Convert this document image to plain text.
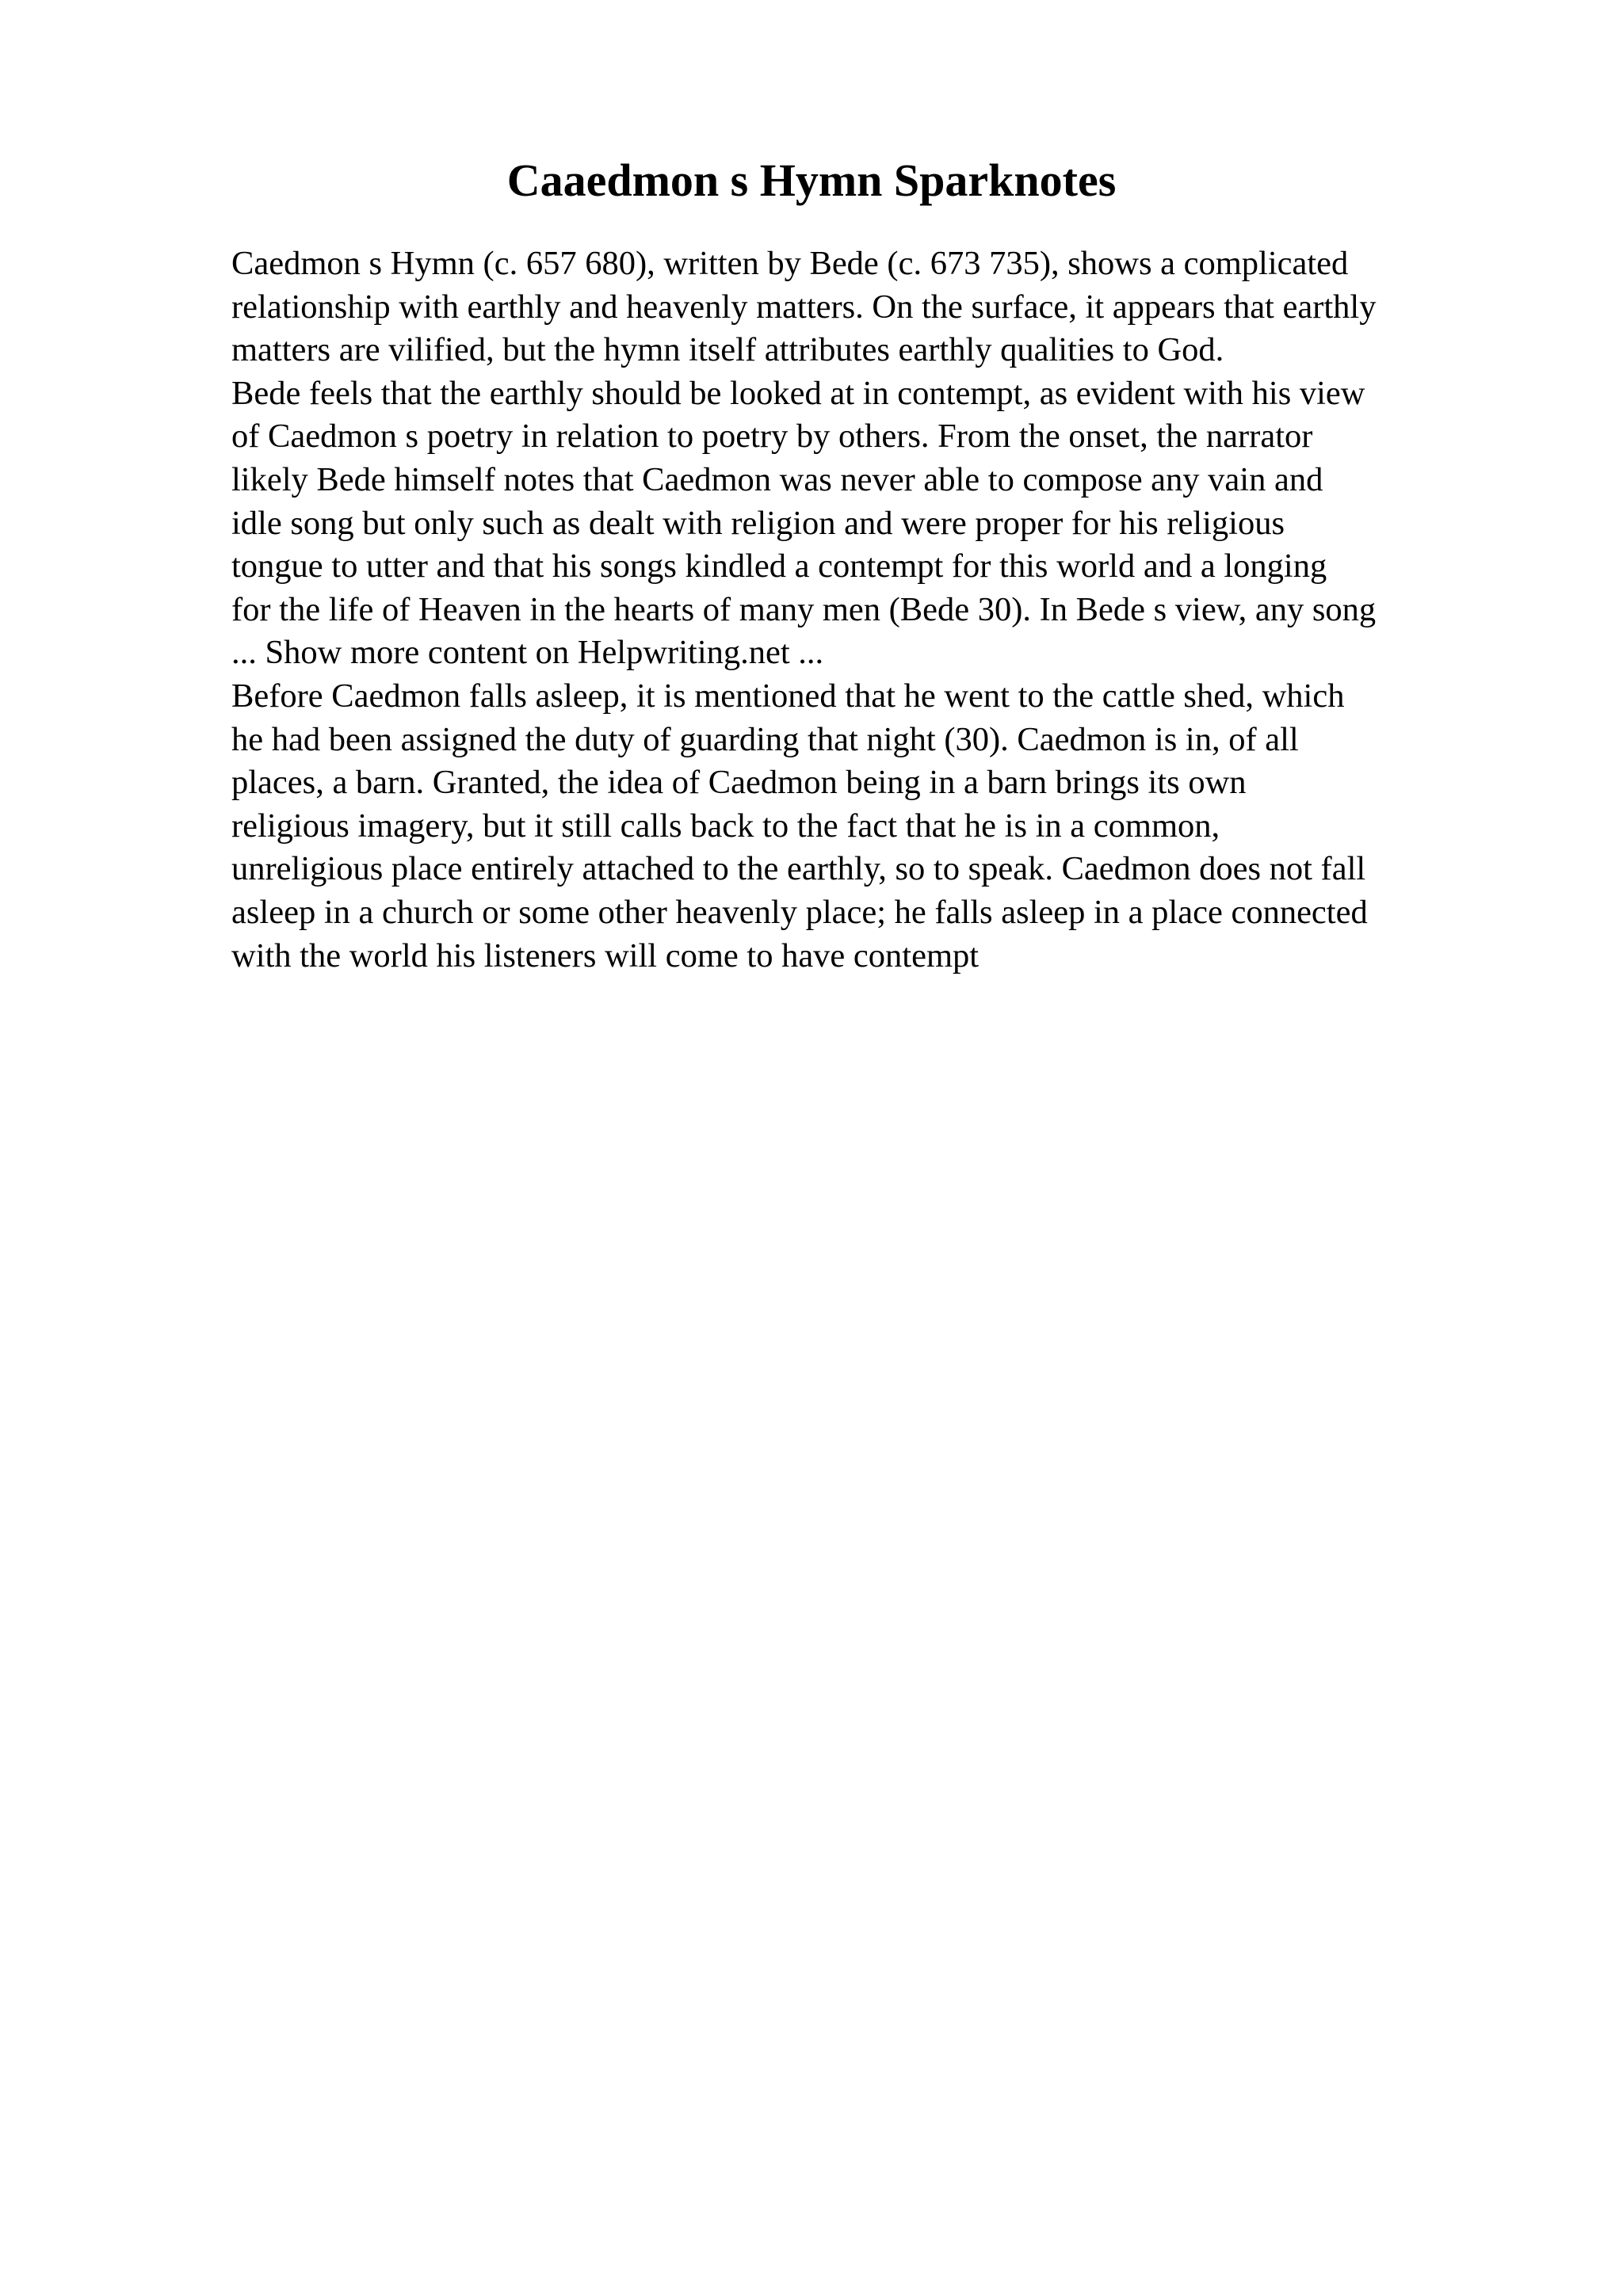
Caaedmon s Hymn Sparknotes
Caedmon s Hymn (c. 657 680), written by Bede (c. 673 735), shows a complicated
relationship with earthly and heavenly matters. On the surface, it appears that earthly
matters are vilified, but the hymn itself attributes earthly qualities to God.
Bede feels that the earthly should be looked at in contempt, as evident with his view
of Caedmon s poetry in relation to poetry by others. From the onset, the narrator
likely Bede himself notes that Caedmon was never able to compose any vain and
idle song but only such as dealt with religion and were proper for his religious
tongue to utter and that his songs kindled a contempt for this world and a longing
for the life of Heaven in the hearts of many men (Bede 30). In Bede s view, any song
... Show more content on Helpwriting.net ...
Before Caedmon falls asleep, it is mentioned that he went to the cattle shed, which
he had been assigned the duty of guarding that night (30). Caedmon is in, of all
places, a barn. Granted, the idea of Caedmon being in a barn brings its own
religious imagery, but it still calls back to the fact that he is in a common,
unreligious place entirely attached to the earthly, so to speak. Caedmon does not fall
asleep in a church or some other heavenly place; he falls asleep in a place connected
with the world his listeners will come to have contempt
